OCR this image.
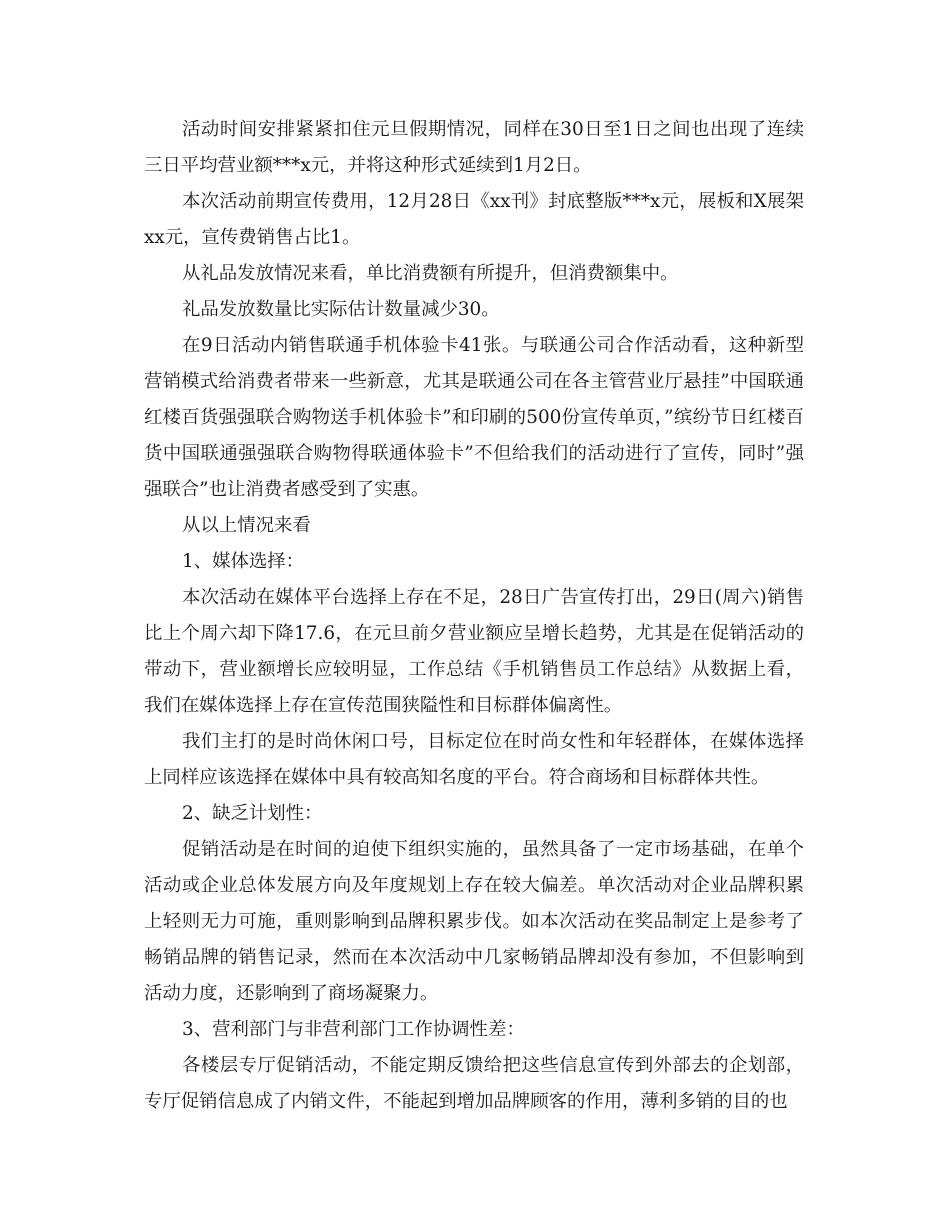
活动时间安排紧紧扣住元旦假期情况，同样在30日至1日之间也出现了连续三日平均营业额***x元，并将这种形式延续到1月2日。

本次活动前期宣传费用，12月28日《xx刊》封底整版***x元，展板和X展架xx元，宣传费销售占比1。

从礼品发放情况来看，单比消费额有所提升，但消费额集中。

礼品发放数量比实际估计数量减少30。

在9日活动内销售联通手机体验卡41张。与联通公司合作活动看，这种新型营销模式给消费者带来一些新意，尤其是联通公司在各主管营业厅悬挂”中国联通红楼百货强强联合购物送手机体验卡”和印刷的500份宣传单页，”缤纷节日红楼百货中国联通强强联合购物得联通体验卡”不但给我们的活动进行了宣传，同时”强强联合”也让消费者感受到了实惠。

从以上情况来看

1、媒体选择：

本次活动在媒体平台选择上存在不足，28日广告宣传打出，29日(周六)销售比上个周六却下降17.6，在元旦前夕营业额应呈增长趋势，尤其是在促销活动的带动下，营业额增长应较明显，工作总结《手机销售员工作总结》从数据上看，我们在媒体选择上存在宣传范围狭隘性和目标群体偏离性。

我们主打的是时尚休闲口号，目标定位在时尚女性和年轻群体，在媒体选择上同样应该选择在媒体中具有较高知名度的平台。符合商场和目标群体共性。

2、缺乏计划性：

促销活动是在时间的迫使下组织实施的，虽然具备了一定市场基础，在单个活动或企业总体发展方向及年度规划上存在较大偏差。单次活动对企业品牌积累上轻则无力可施，重则影响到品牌积累步伐。如本次活动在奖品制定上是参考了畅销品牌的销售记录，然而在本次活动中几家畅销品牌却没有参加，不但影响到活动力度，还影响到了商场凝聚力。

3、营利部门与非营利部门工作协调性差：

各楼层专厅促销活动，不能定期反馈给把这些信息宣传到外部去的企划部，专厅促销信息成了内销文件，不能起到增加品牌顾客的作用，薄利多销的目的也
